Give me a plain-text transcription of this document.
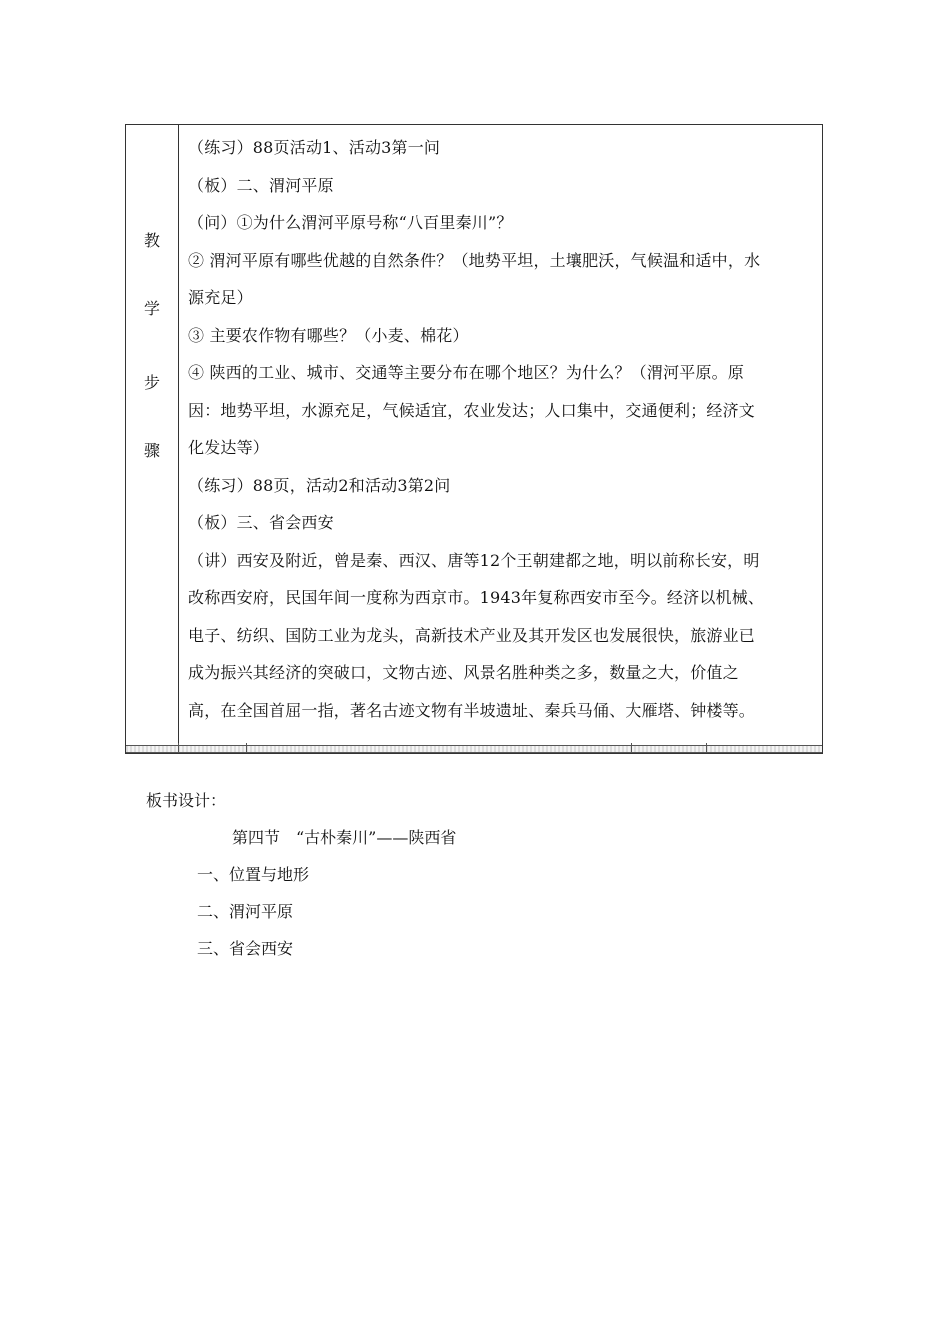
教
学
步
骤

（练习）88页活动1、活动3第一问

（板）二、渭河平原

（问）①为什么渭河平原号称“八百里秦川”？

② 渭河平原有哪些优越的自然条件？（地势平坦，土壤肥沃，气候温和适中，水

源充足）

③ 主要农作物有哪些？（小麦、棉花）

④ 陕西的工业、城市、交通等主要分布在哪个地区？为什么？（渭河平原。原

因：地势平坦，水源充足，气候适宜，农业发达；人口集中，交通便利；经济文

化发达等）

（练习）88页，活动2和活动3第2问

（板）三、省会西安

（讲）西安及附近，曾是秦、西汉、唐等12个王朝建都之地，明以前称长安，明

改称西安府，民国年间一度称为西京市。1943年复称西安市至今。经济以机械、

电子、纺织、国防工业为龙头，高新技术产业及其开发区也发展很快，旅游业已

成为振兴其经济的突破口，文物古迹、风景名胜种类之多，数量之大，价值之

高，在全国首屈一指，著名古迹文物有半坡遗址、秦兵马俑、大雁塔、钟楼等。

板书设计：
第四节　“古朴秦川”——陕西省
一、位置与地形
二、渭河平原
三、省会西安
